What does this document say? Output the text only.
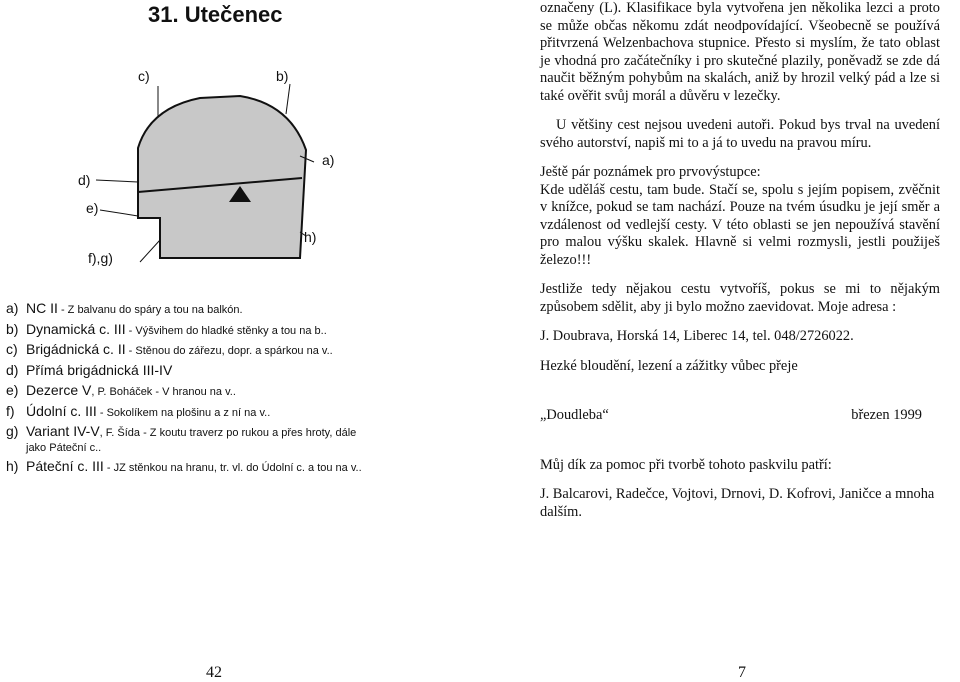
31. Utečenec
c)	b)
a)
d)
e)
f),g)
h)
a) NC II - Z balvanu do spáry a tou na balkón.
b) Dynamická c. III - Výšvihem do hladké stěnky a tou na b..
c) Brigádnická c. II - Stěnou do zářezu, dopr. a spárkou na v..
d) Přímá brigádnická III-IV
e) Dezerce V, P. Boháček - V hranou na v..
f) Údolní c. III - Sokolíkem na plošinu a z ní na v..
g) Variant IV-V, F. Šída - Z koutu traverz po rukou a přes hroty, dále
jako Páteční c..
h) Páteční c. III - JZ stěnkou na hranu, tr. vl. do Údolní c. a tou na v..
42

označeny (L). Klasifikace byla vytvořena jen několika lezci a proto se může občas někomu zdát neodpovídající. Všeobecně se používá přitvrzená Welzenbachova stupnice. Přesto si myslím, že tato oblast je vhodná pro začátečníky i pro skutečné plazily, poněvadž se zde dá naučit běžným pohybům na skalách, aniž by hrozil velký pád a lze si také ověřit svůj morál a důvěru v lezečky.

U většiny cest nejsou uvedeni autoři. Pokud bys trval na uvedení svého autorství, napiš mi to a já to uvedu na pravou míru.

Ještě pár poznámek pro prvovýstupce:

Kde uděláš cestu, tam bude. Stačí se, spolu s jejím popisem, zvěčnit v knížce, pokud se tam nachází. Pouze na tvém úsudku je její směr a vzdálenost od vedlejší cesty. V této oblasti se jen nepoužívá stavění pro malou výšku skalek. Hlavně si velmi rozmysli, jestli použiješ železo!!!

Jestliže tedy nějakou cestu vytvoříš, pokus se mi to nějakým způsobem sdělit, aby ji bylo možno zaevidovat. Moje adresa :

J. Doubrava, Horská 14, Liberec 14, tel. 048/2726022.

Hezké bloudění, lezení a zážitky vůbec přeje

„Doudleba“	březen 1999

Můj dík za pomoc při tvorbě tohoto paskvilu patří:

J. Balcarovi, Radečce, Vojtovi, Drnovi, D. Kofrovi, Janičce a mnoha dalším.

7
